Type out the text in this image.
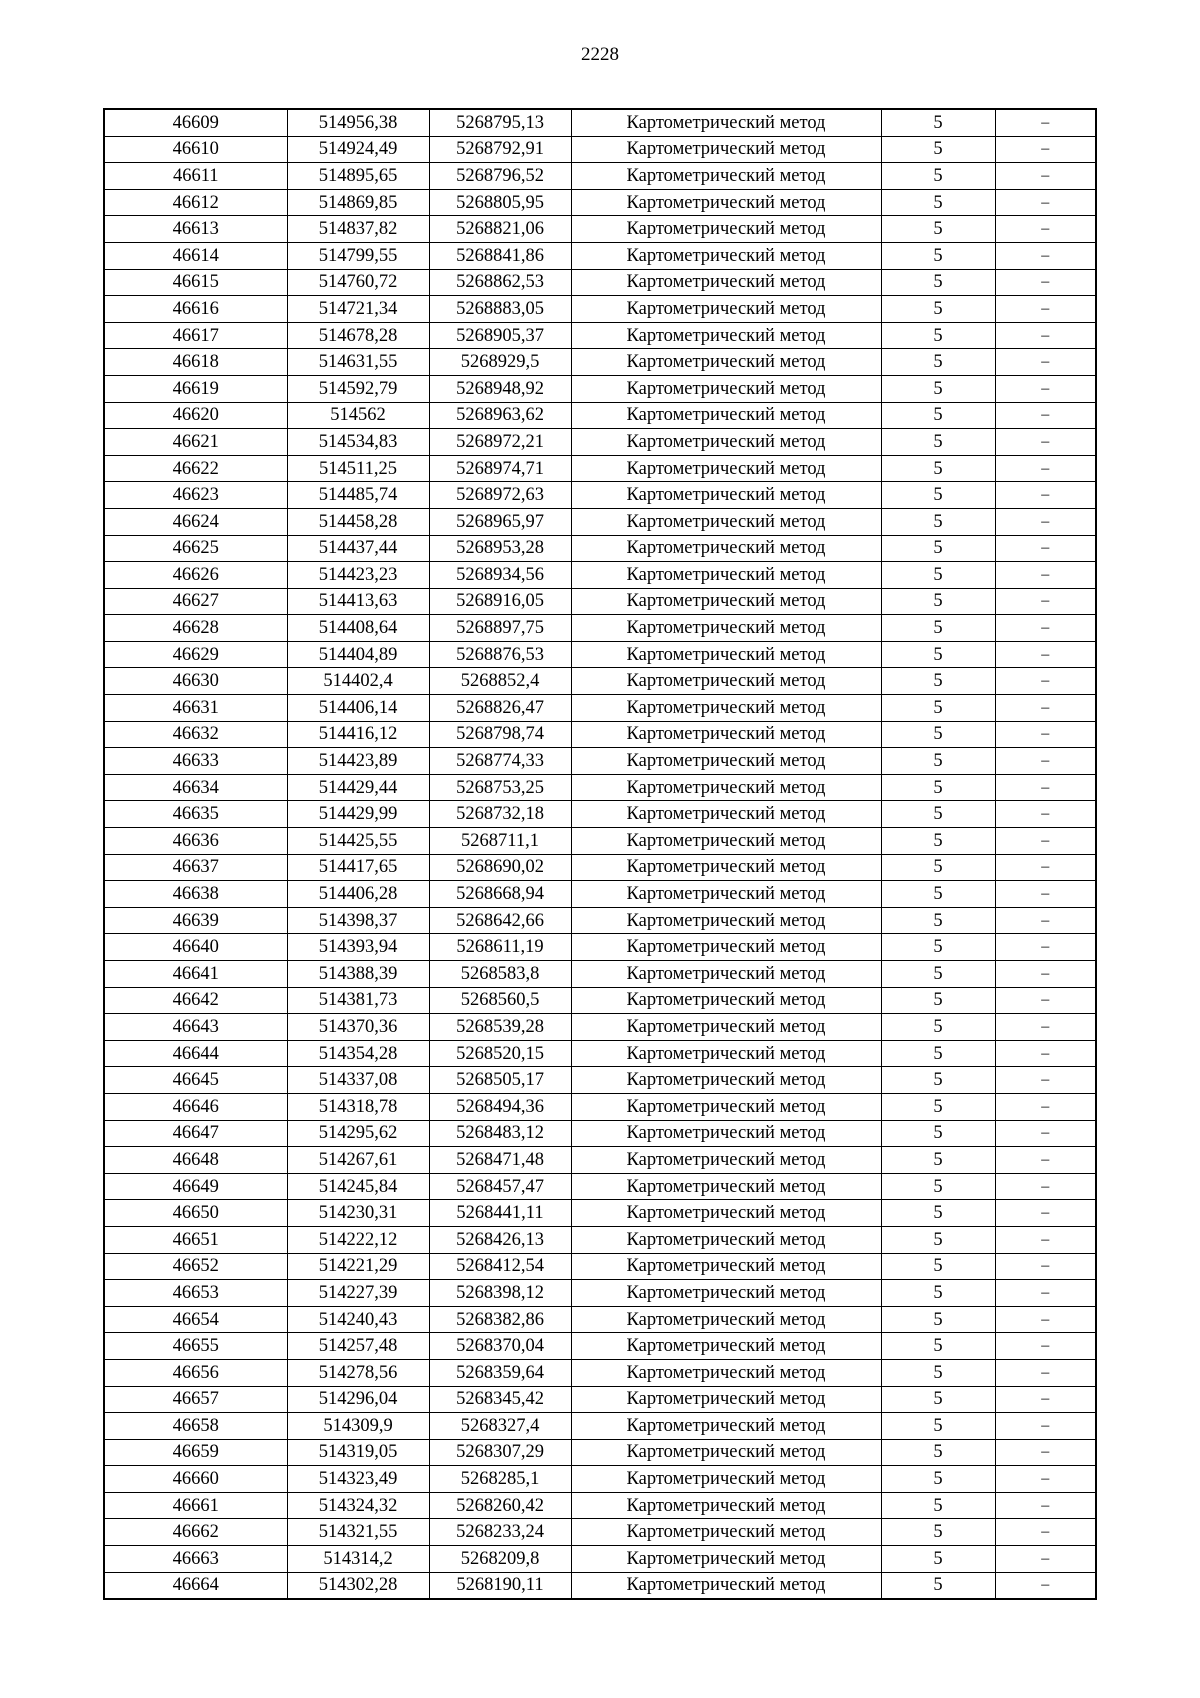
2228
46609	514956,38	5268795,13	Картометрический метод	5	–
46610	514924,49	5268792,91	Картометрический метод	5	–
46611	514895,65	5268796,52	Картометрический метод	5	–
46612	514869,85	5268805,95	Картометрический метод	5	–
46613	514837,82	5268821,06	Картометрический метод	5	–
46614	514799,55	5268841,86	Картометрический метод	5	–
46615	514760,72	5268862,53	Картометрический метод	5	–
46616	514721,34	5268883,05	Картометрический метод	5	–
46617	514678,28	5268905,37	Картометрический метод	5	–
46618	514631,55	5268929,5	Картометрический метод	5	–
46619	514592,79	5268948,92	Картометрический метод	5	–
46620	514562	5268963,62	Картометрический метод	5	–
46621	514534,83	5268972,21	Картометрический метод	5	–
46622	514511,25	5268974,71	Картометрический метод	5	–
46623	514485,74	5268972,63	Картометрический метод	5	–
46624	514458,28	5268965,97	Картометрический метод	5	–
46625	514437,44	5268953,28	Картометрический метод	5	–
46626	514423,23	5268934,56	Картометрический метод	5	–
46627	514413,63	5268916,05	Картометрический метод	5	–
46628	514408,64	5268897,75	Картометрический метод	5	–
46629	514404,89	5268876,53	Картометрический метод	5	–
46630	514402,4	5268852,4	Картометрический метод	5	–
46631	514406,14	5268826,47	Картометрический метод	5	–
46632	514416,12	5268798,74	Картометрический метод	5	–
46633	514423,89	5268774,33	Картометрический метод	5	–
46634	514429,44	5268753,25	Картометрический метод	5	–
46635	514429,99	5268732,18	Картометрический метод	5	–
46636	514425,55	5268711,1	Картометрический метод	5	–
46637	514417,65	5268690,02	Картометрический метод	5	–
46638	514406,28	5268668,94	Картометрический метод	5	–
46639	514398,37	5268642,66	Картометрический метод	5	–
46640	514393,94	5268611,19	Картометрический метод	5	–
46641	514388,39	5268583,8	Картометрический метод	5	–
46642	514381,73	5268560,5	Картометрический метод	5	–
46643	514370,36	5268539,28	Картометрический метод	5	–
46644	514354,28	5268520,15	Картометрический метод	5	–
46645	514337,08	5268505,17	Картометрический метод	5	–
46646	514318,78	5268494,36	Картометрический метод	5	–
46647	514295,62	5268483,12	Картометрический метод	5	–
46648	514267,61	5268471,48	Картометрический метод	5	–
46649	514245,84	5268457,47	Картометрический метод	5	–
46650	514230,31	5268441,11	Картометрический метод	5	–
46651	514222,12	5268426,13	Картометрический метод	5	–
46652	514221,29	5268412,54	Картометрический метод	5	–
46653	514227,39	5268398,12	Картометрический метод	5	–
46654	514240,43	5268382,86	Картометрический метод	5	–
46655	514257,48	5268370,04	Картометрический метод	5	–
46656	514278,56	5268359,64	Картометрический метод	5	–
46657	514296,04	5268345,42	Картометрический метод	5	–
46658	514309,9	5268327,4	Картометрический метод	5	–
46659	514319,05	5268307,29	Картометрический метод	5	–
46660	514323,49	5268285,1	Картометрический метод	5	–
46661	514324,32	5268260,42	Картометрический метод	5	–
46662	514321,55	5268233,24	Картометрический метод	5	–
46663	514314,2	5268209,8	Картометрический метод	5	–
46664	514302,28	5268190,11	Картометрический метод	5	–
